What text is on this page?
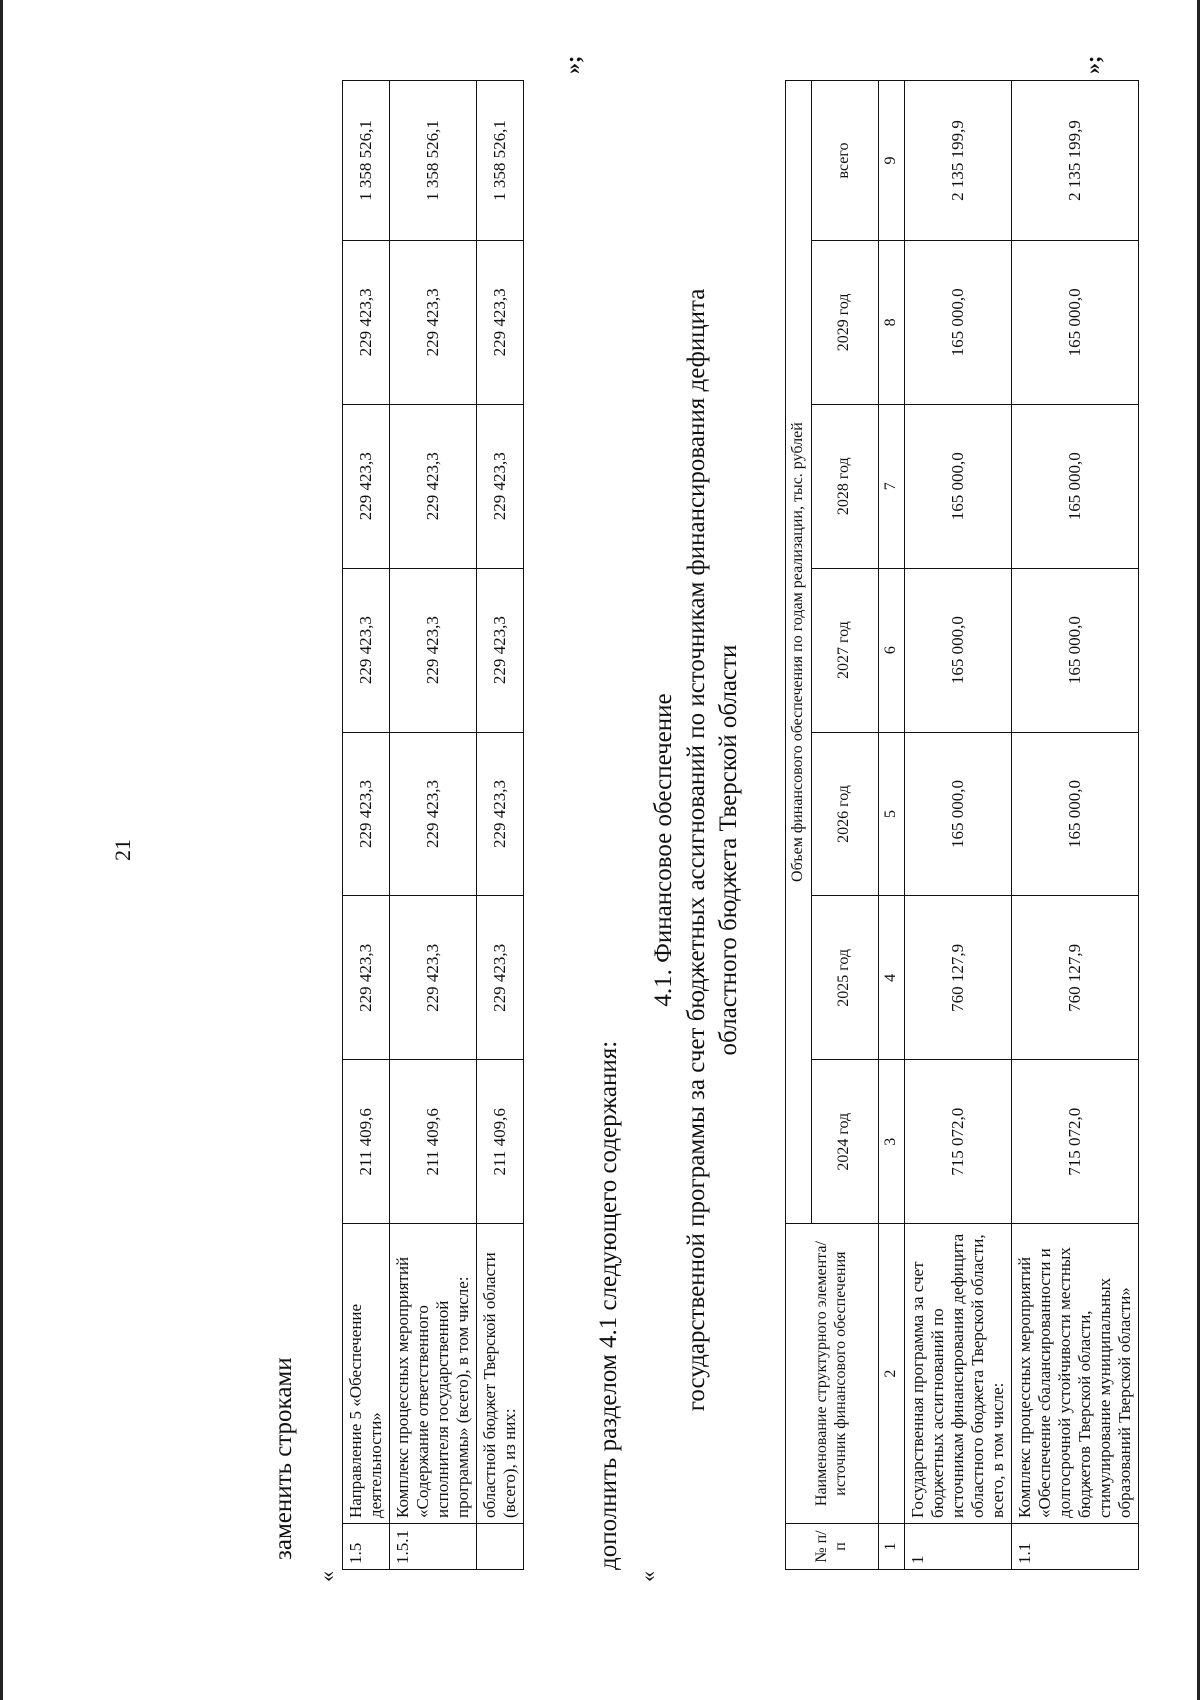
21
заменить строками
«
1.5	Направление 5 «Обеспечение деятельности»	211 409,6	229 423,3	229 423,3	229 423,3	229 423,3	229 423,3	1 358 526,1
1.5.1	Комплекс процессных мероприятий «Содержание ответственного исполнителя государственной программы» (всего), в том числе:	211 409,6	229 423,3	229 423,3	229 423,3	229 423,3	229 423,3	1 358 526,1
	областной бюджет Тверской области (всего), из них:	211 409,6	229 423,3	229 423,3	229 423,3	229 423,3	229 423,3	1 358 526,1
»;
дополнить разделом 4.1 следующего содержания:
«
4.1. Финансовое обеспечение государственной программы за счет бюджетных ассигнований по источникам финансирования дефицита областного бюджета Тверской области
№ п/п	Наименование структурного элемента/источник финансового обеспечения	Объем финансового обеспечения по годам реализации, тыс. рублей						
		2024 год	2025 год	2026 год	2027 год	2028 год	2029 год	всего
1	2	3	4	5	6	7	8	9
1	Государственная программа за счет бюджетных ассигнований по источникам финансирования дефицита областного бюджета Тверской области, всего, в том числе:	715 072,0	760 127,9	165 000,0	165 000,0	165 000,0	165 000,0	2 135 199,9
1.1	Комплекс процессных мероприятий «Обеспечение сбалансированности и долгосрочной устойчивости местных бюджетов Тверской области, стимулирование муниципальных образований Тверской области»	715 072,0	760 127,9	165 000,0	165 000,0	165 000,0	165 000,0	2 135 199,9
»;
